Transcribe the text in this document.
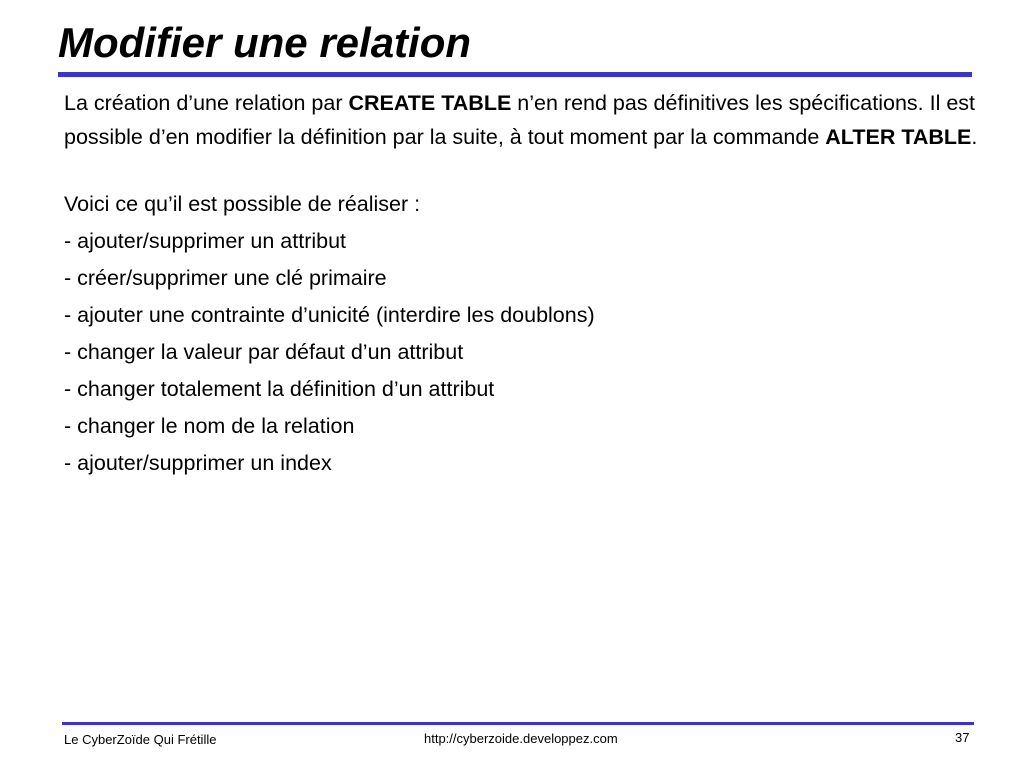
Modifier une relation

La création d’une relation par CREATE TABLE n’en rend pas définitives les spécifications. Il est possible d’en modifier la définition par la suite, à tout moment par la commande ALTER TABLE.

Voici ce qu’il est possible de réaliser :

- ajouter/supprimer un attribut
- créer/supprimer une clé primaire
- ajouter une contrainte d’unicité (interdire les doublons)
- changer la valeur par défaut d’un attribut
- changer totalement la définition d’un attribut
- changer le nom de la relation
- ajouter/supprimer un index
Le CyberZoïde Qui Frétille	http://cyberzoide.developpez.com	37
